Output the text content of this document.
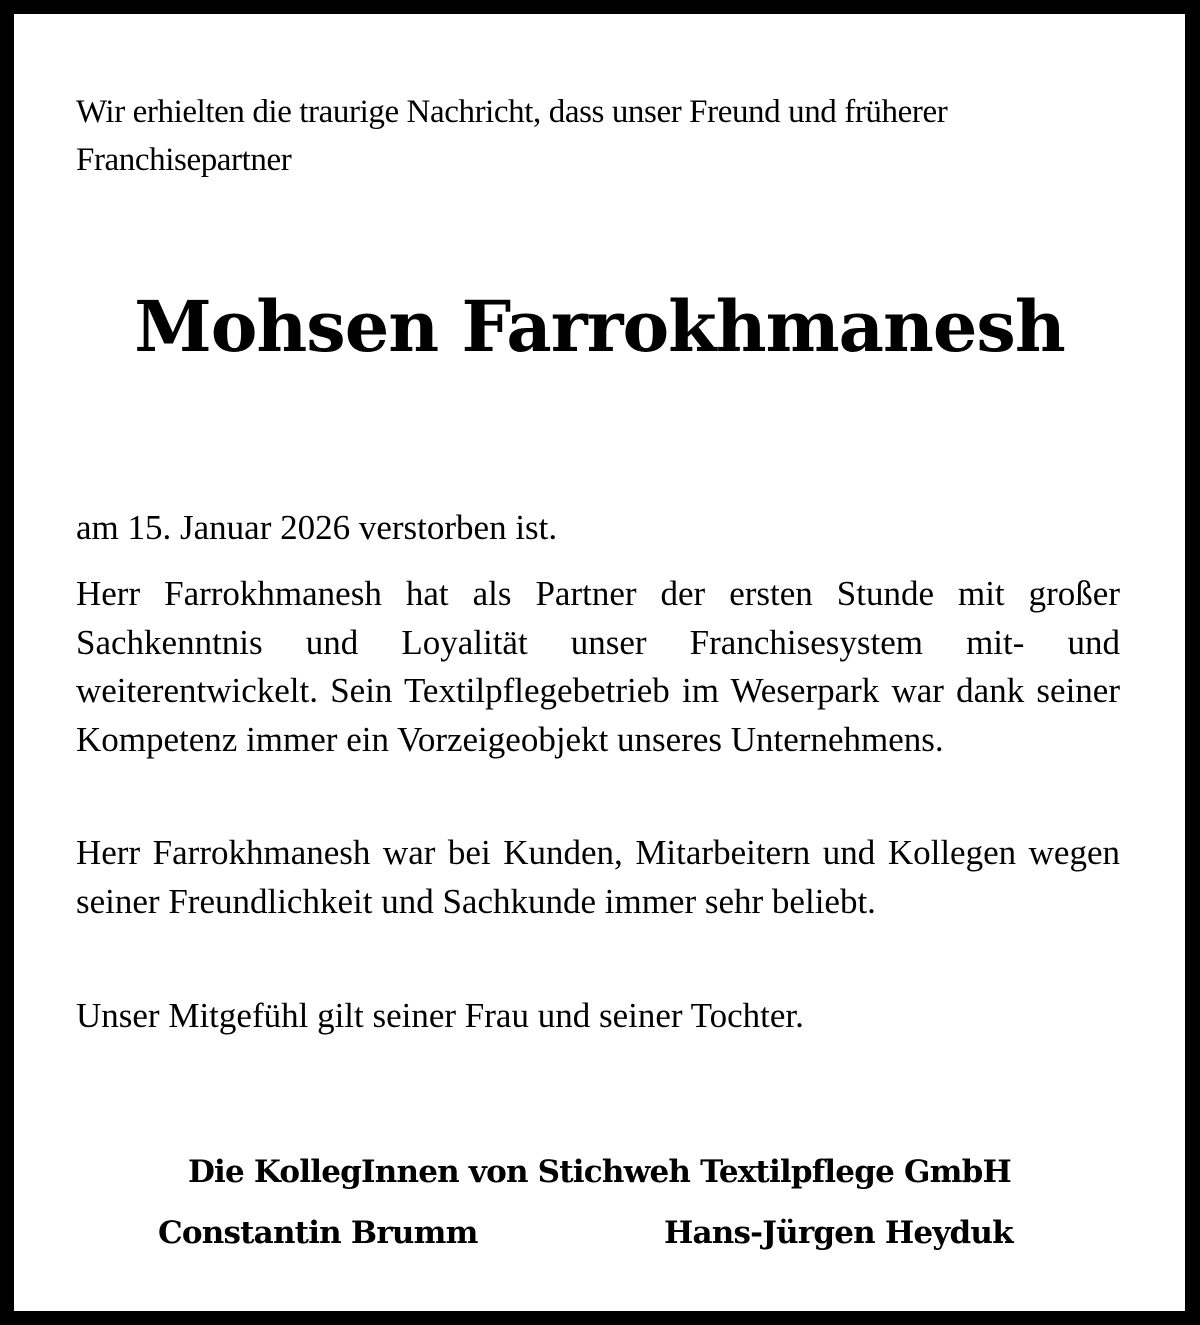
Wir erhielten die traurige Nachricht, dass unser Freund und früherer Franchisepartner
Mohsen Farrokhmanesh
am 15. Januar 2026 verstorben ist.
Herr Farrokhmanesh hat als Partner der ersten Stunde mit großer Sachkenntnis und Loyalität unser Franchisesystem mit- und weiterentwickelt. Sein Textilpflegebetrieb im Weserpark war dank seiner Kompetenz immer ein Vorzeigeobjekt unseres Unternehmens.
Herr Farrokhmanesh war bei Kunden, Mitarbeitern und Kollegen wegen seiner Freundlichkeit und Sachkunde immer sehr beliebt.
Unser Mitgefühl gilt seiner Frau und seiner Tochter.
Die KollegInnen von Stichweh Textilpflege GmbH
Constantin Brumm	Hans-Jürgen Heyduk
